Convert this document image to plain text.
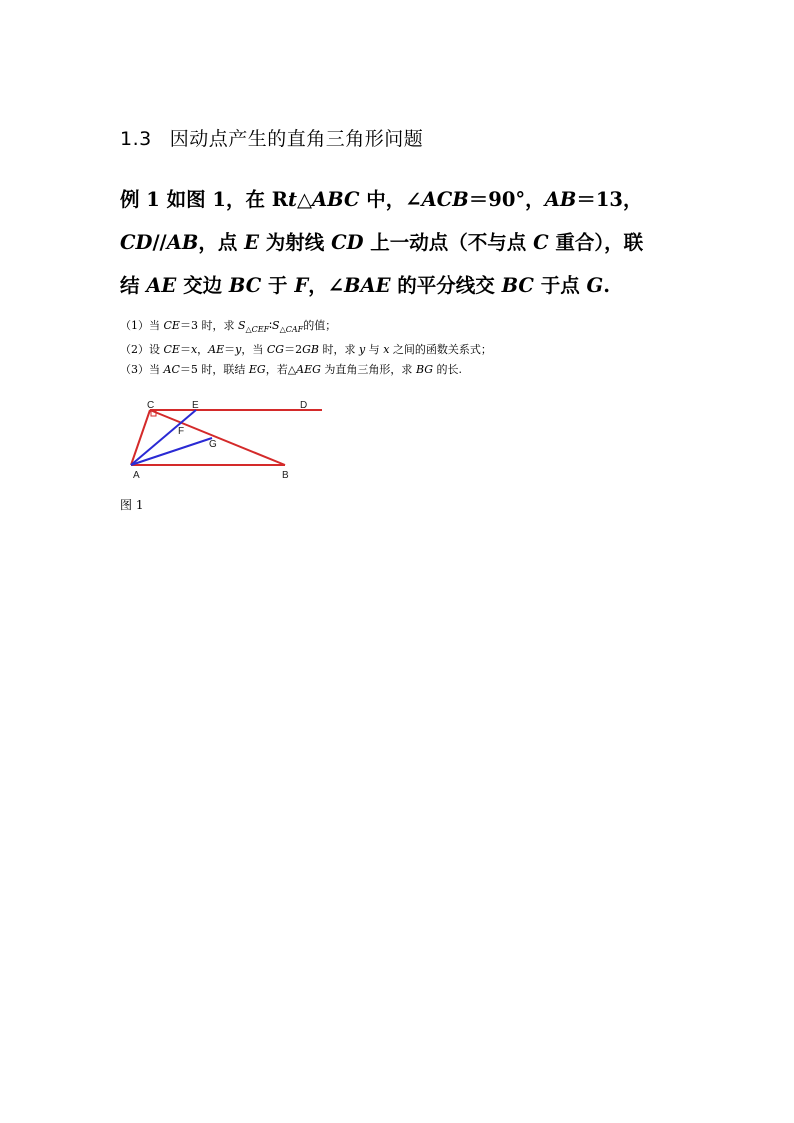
1.3 因动点产生的直角三角形问题
例 1 如图 1，在 Rt△ABC 中，∠ACB＝90°，AB＝13，
CD//AB，点 E 为射线 CD 上一动点（不与点 C 重合），联
结 AE 交边 BC 于 F，∠BAE 的平分线交 BC 于点 G.
（1）当 CE＝3 时，求 $S_{\triangle CEF}∶S_{\triangle CAF}$的值；
（2）设 CE＝x，AE＝y，当 CG＝2GB 时，求 y 与 x 之间的函数关系式；
（3）当 AC＝5 时，联结 EG，若△AEG 为直角三角形，求 BG 的长.
C	E	D
F
G
A	B
图 1
